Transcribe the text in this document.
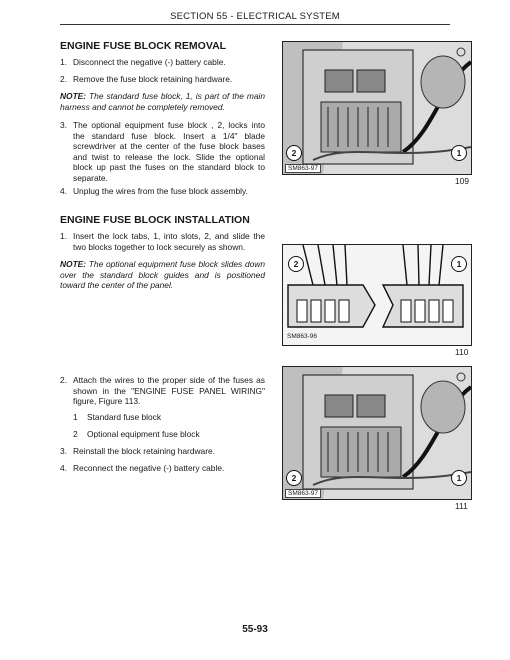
SECTION 55 - ELECTRICAL SYSTEM
ENGINE FUSE BLOCK REMOVAL
1. Disconnect the negative (-) battery cable.
2. Remove the fuse block retaining hardware.
NOTE: The standard fuse block, 1, is part of the main harness and cannot be completely removed.
3. The optional equipment fuse block , 2, locks into the standard fuse block. Insert a 1/4" blade screwdriver at the center of the fuse block bases and twist to release the lock. Slide the optional block up past the fuses on the standard block to separate.
4. Unplug the wires from the fuse block assembly.
2	1
SM863-97
109
ENGINE FUSE BLOCK INSTALLATION
1. Insert the lock tabs, 1, into slots, 2, and slide the two blocks together to lock securely as shown.
NOTE: The optional equipment fuse block slides down over the standard block guides and is positioned toward the center of the panel.
2	1
SM863-96
110
2. Attach the wires to the proper side of the fuses as shown in the "ENGINE FUSE PANEL WIRING" figure, Figure 113.
1 Standard fuse block
2 Optional equipment fuse block
3. Reinstall the block retaining hardware.
4. Reconnect the negative (-) battery cable.
2	1
SM863-97
111
55-93
